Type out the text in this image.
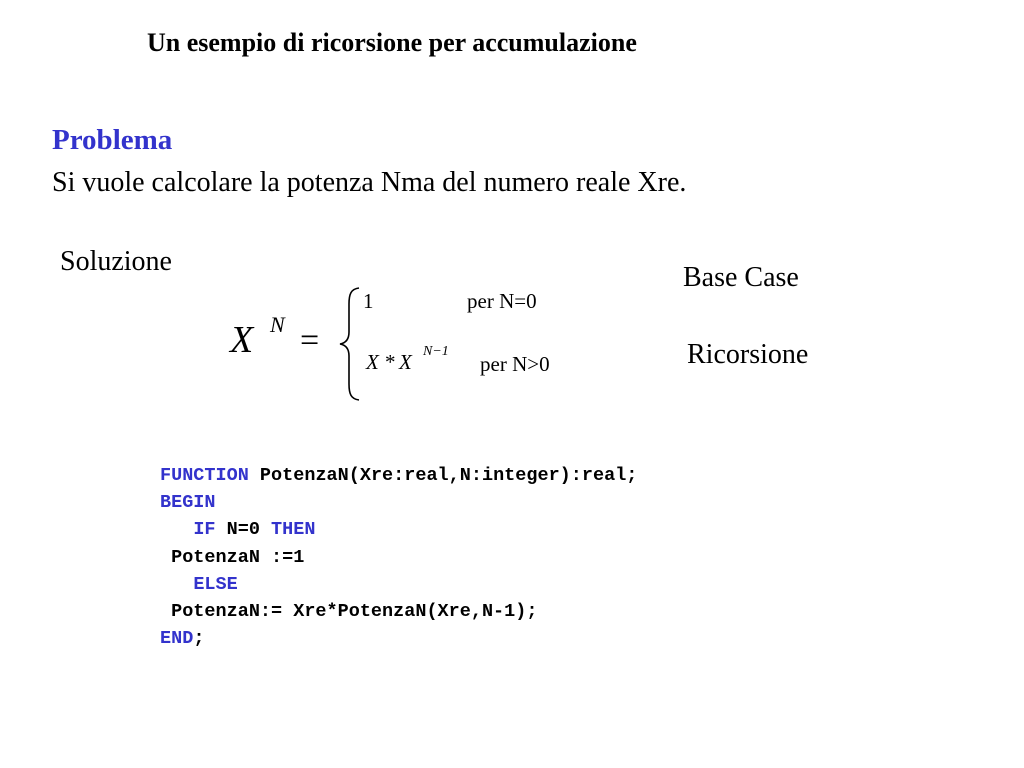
Un esempio di ricorsione per accumulazione
Problema
Si vuole calcolare la potenza Nma del numero reale Xre.
Soluzione
X N =
1	per N=0
X * X N−1
per N>0
Base Case
Ricorsione
FUNCTION PotenzaN(Xre:real,N:integer):real;
BEGIN
IF N=0 THEN
PotenzaN :=1
ELSE
PotenzaN:= Xre*PotenzaN(Xre,N-1);
END;
